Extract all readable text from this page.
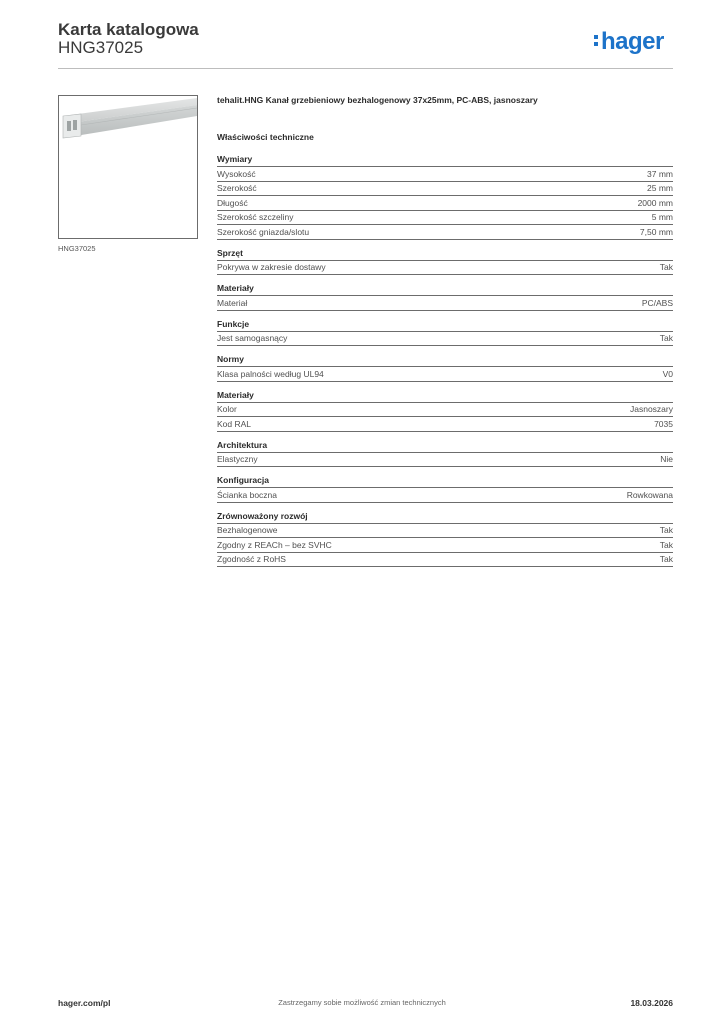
Karta katalogowa
HNG37025	hager
HNG37025
tehalit.HNG Kanał grzebieniowy bezhalogenowy 37x25mm, PC-ABS, jasnoszary
Właściwości techniczne
Wymiary
Wysokość	37 mm
Szerokość	25 mm
Długość	2000 mm
Szerokość szczeliny	5 mm
Szerokość gniazda/slotu	7,50 mm
Sprzęt
Pokrywa w zakresie dostawy	Tak
Materiały
Materiał	PC/ABS
Funkcje
Jest samogasnący	Tak
Normy
Klasa palności według UL94	V0
Materiały
Kolor	Jasnoszary
Kod RAL	7035
Architektura
Elastyczny	Nie
Konfiguracja
Ścianka boczna	Rowkowana
Zrównoważony rozwój
Bezhalogenowe	Tak
Zgodny z REACh – bez SVHC	Tak
Zgodność z RoHS	Tak
hager.com/pl	Zastrzegamy sobie możliwość zmian technicznych	18.03.2026
